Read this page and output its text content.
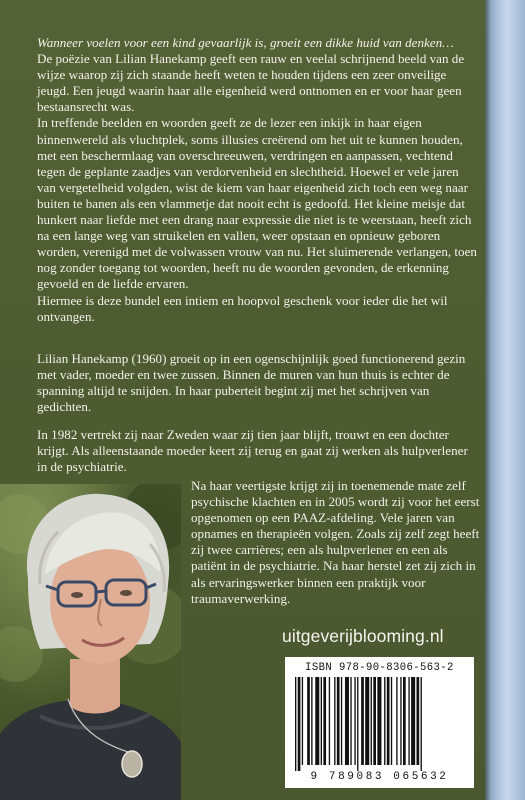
Wanneer voelen voor een kind gevaarlijk is, groeit een dikke huid van denken…

De poëzie van Lilian Hanekamp geeft een rauw en veelal schrijnend beeld van de wijze waarop zij zich staande heeft weten te houden tijdens een zeer onveilige jeugd. Een jeugd waarin haar alle eigenheid werd ontnomen en er voor haar geen bestaansrecht was.

In treffende beelden en woorden geeft ze de lezer een inkijk in haar eigen binnenwereld als vluchtplek, soms illusies creërend om het uit te kunnen houden, met een beschermlaag van overschreeuwen, verdringen en aanpassen, vechtend tegen de geplante zaadjes van verdorvenheid en slechtheid. Hoewel er vele jaren van vergetelheid volgden, wist de kiem van haar eigenheid zich toch een weg naar buiten te banen als een vlammetje dat nooit echt is gedoofd. Het kleine meisje dat hunkert naar liefde met een drang naar expressie die niet is te weerstaan, heeft zich na een lange weg van struikelen en vallen, weer opstaan en opnieuw geboren worden, verenigd met de volwassen vrouw van nu. Het sluimerende verlangen, toen nog zonder toegang tot woorden, heeft nu de woorden gevonden, de erkenning gevoeld en de liefde ervaren.

Hiermee is deze bundel een intiem en hoopvol geschenk voor ieder die het wil ontvangen.

Lilian Hanekamp (1960) groeit op in een ogenschijnlijk goed functionerend gezin met vader, moeder en twee zussen. Binnen de muren van hun thuis is echter de spanning altijd te snijden. In haar puberteit begint zij met het schrijven van gedichten.

In 1982 vertrekt zij naar Zweden waar zij tien jaar blijft, trouwt en een dochter krijgt. Als alleenstaande moeder keert zij terug en gaat zij werken als hulpverlener in de psychiatrie.

Na haar veertigste krijgt zij in toenemende mate zelf psychische klachten en in 2005 wordt zij voor het eerst opgenomen op een PAAZ-afdeling. Vele jaren van opnames en therapieën volgen. Zoals zij zelf zegt heeft zij twee carrières; een als hulpverlener en een als patiënt in de psychiatrie. Na haar herstel zet zij zich in als ervaringswerker binnen een praktijk voor traumaverwerking.

uitgeverijblooming.nl
ISBN 978-90-8306-563-2
9 789083 065632
